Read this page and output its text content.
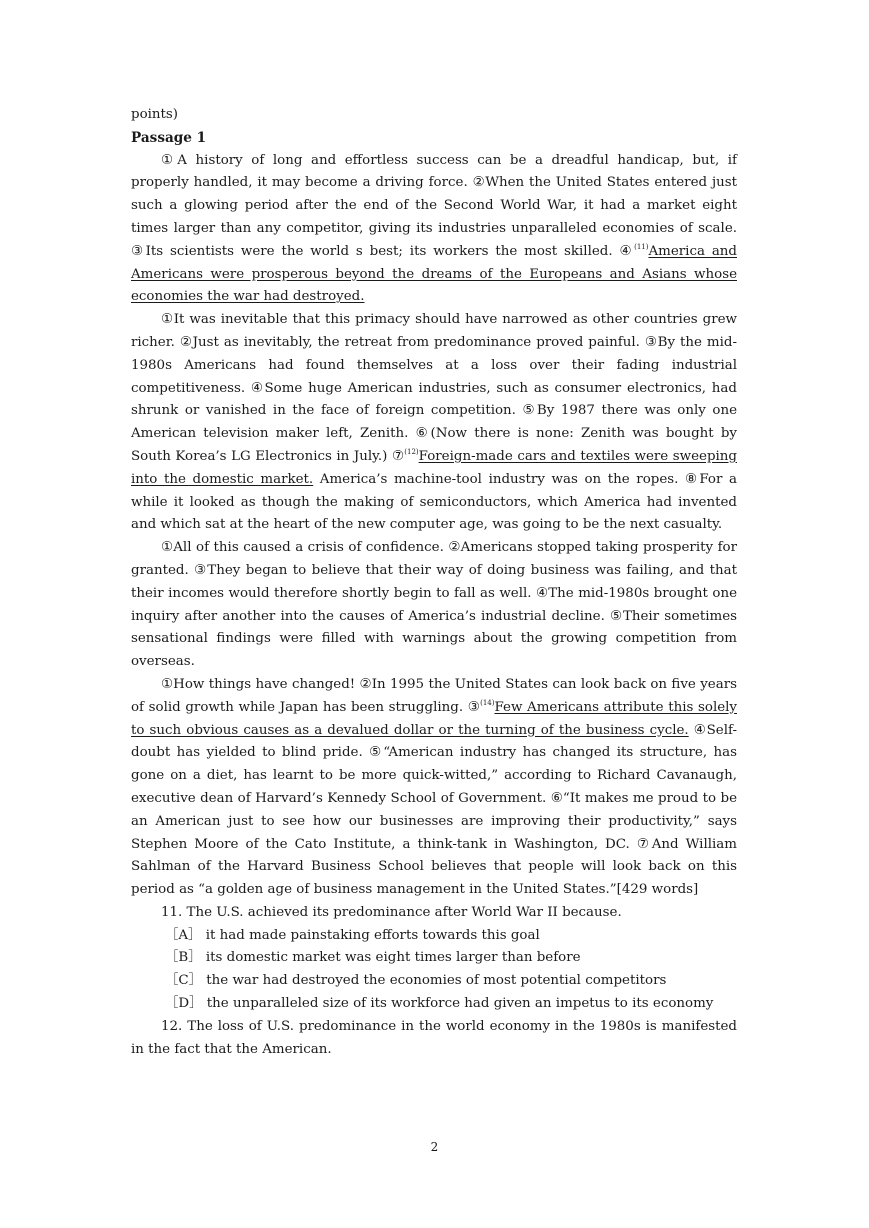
points)

Passage 1

①A history of long and effortless success can be a dreadful handicap, but, if properly handled, it may become a driving force. ②When the United States entered just such a glowing period after the end of the Second World War, it had a market eight times larger than any competitor, giving its industries unparalleled economies of scale. ③Its scientists were the world s best; its workers the most skilled. ④$^{(11)}$America and Americans were prosperous beyond the dreams of the Europeans and Asians whose economies the war had destroyed.

①It was inevitable that this primacy should have narrowed as other countries grew richer. ②Just as inevitably, the retreat from predominance proved painful. ③By the mid-1980s Americans had found themselves at a loss over their fading industrial competitiveness. ④Some huge American industries, such as consumer electronics, had shrunk or vanished in the face of foreign competition. ⑤By 1987 there was only one American television maker left, Zenith. ⑥(Now there is none: Zenith was bought by South Korea’s LG Electronics in July.) ⑦$^{(12)}$Foreign-made cars and textiles were sweeping into the domestic market. America’s machine-tool industry was on the ropes. ⑧For a while it looked as though the making of semiconductors, which America had invented and which sat at the heart of the new computer age, was going to be the next casualty.

①All of this caused a crisis of confidence. ②Americans stopped taking prosperity for granted. ③They began to believe that their way of doing business was failing, and that their incomes would therefore shortly begin to fall as well. ④The mid-1980s brought one inquiry after another into the causes of America’s industrial decline. ⑤Their sometimes sensational findings were filled with warnings about the growing competition from overseas.

①How things have changed! ②In 1995 the United States can look back on five years of solid growth while Japan has been struggling. ③$^{(14)}$Few Americans attribute this solely to such obvious causes as a devalued dollar or the turning of the business cycle. ④Self-doubt has yielded to blind pride. ⑤“American industry has changed its structure, has gone on a diet, has learnt to be more quick-witted,” according to Richard Cavanaugh, executive dean of Harvard’s Kennedy School of Government. ⑥“It makes me proud to be an American just to see how our businesses are improving their productivity,” says Stephen Moore of the Cato Institute, a think-tank in Washington, DC. ⑦And William Sahlman of the Harvard Business School believes that people will look back on this period as “a golden age of business management in the United States.”[429 words]

11. The U.S. achieved its predominance after World War II because.

［A］ it had made painstaking efforts towards this goal

［B］ its domestic market was eight times larger than before

［C］ the war had destroyed the economies of most potential competitors

［D］ the unparalleled size of its workforce had given an impetus to its economy

12. The loss of U.S. predominance in the world economy in the 1980s is manifested in the fact that the American.

2
